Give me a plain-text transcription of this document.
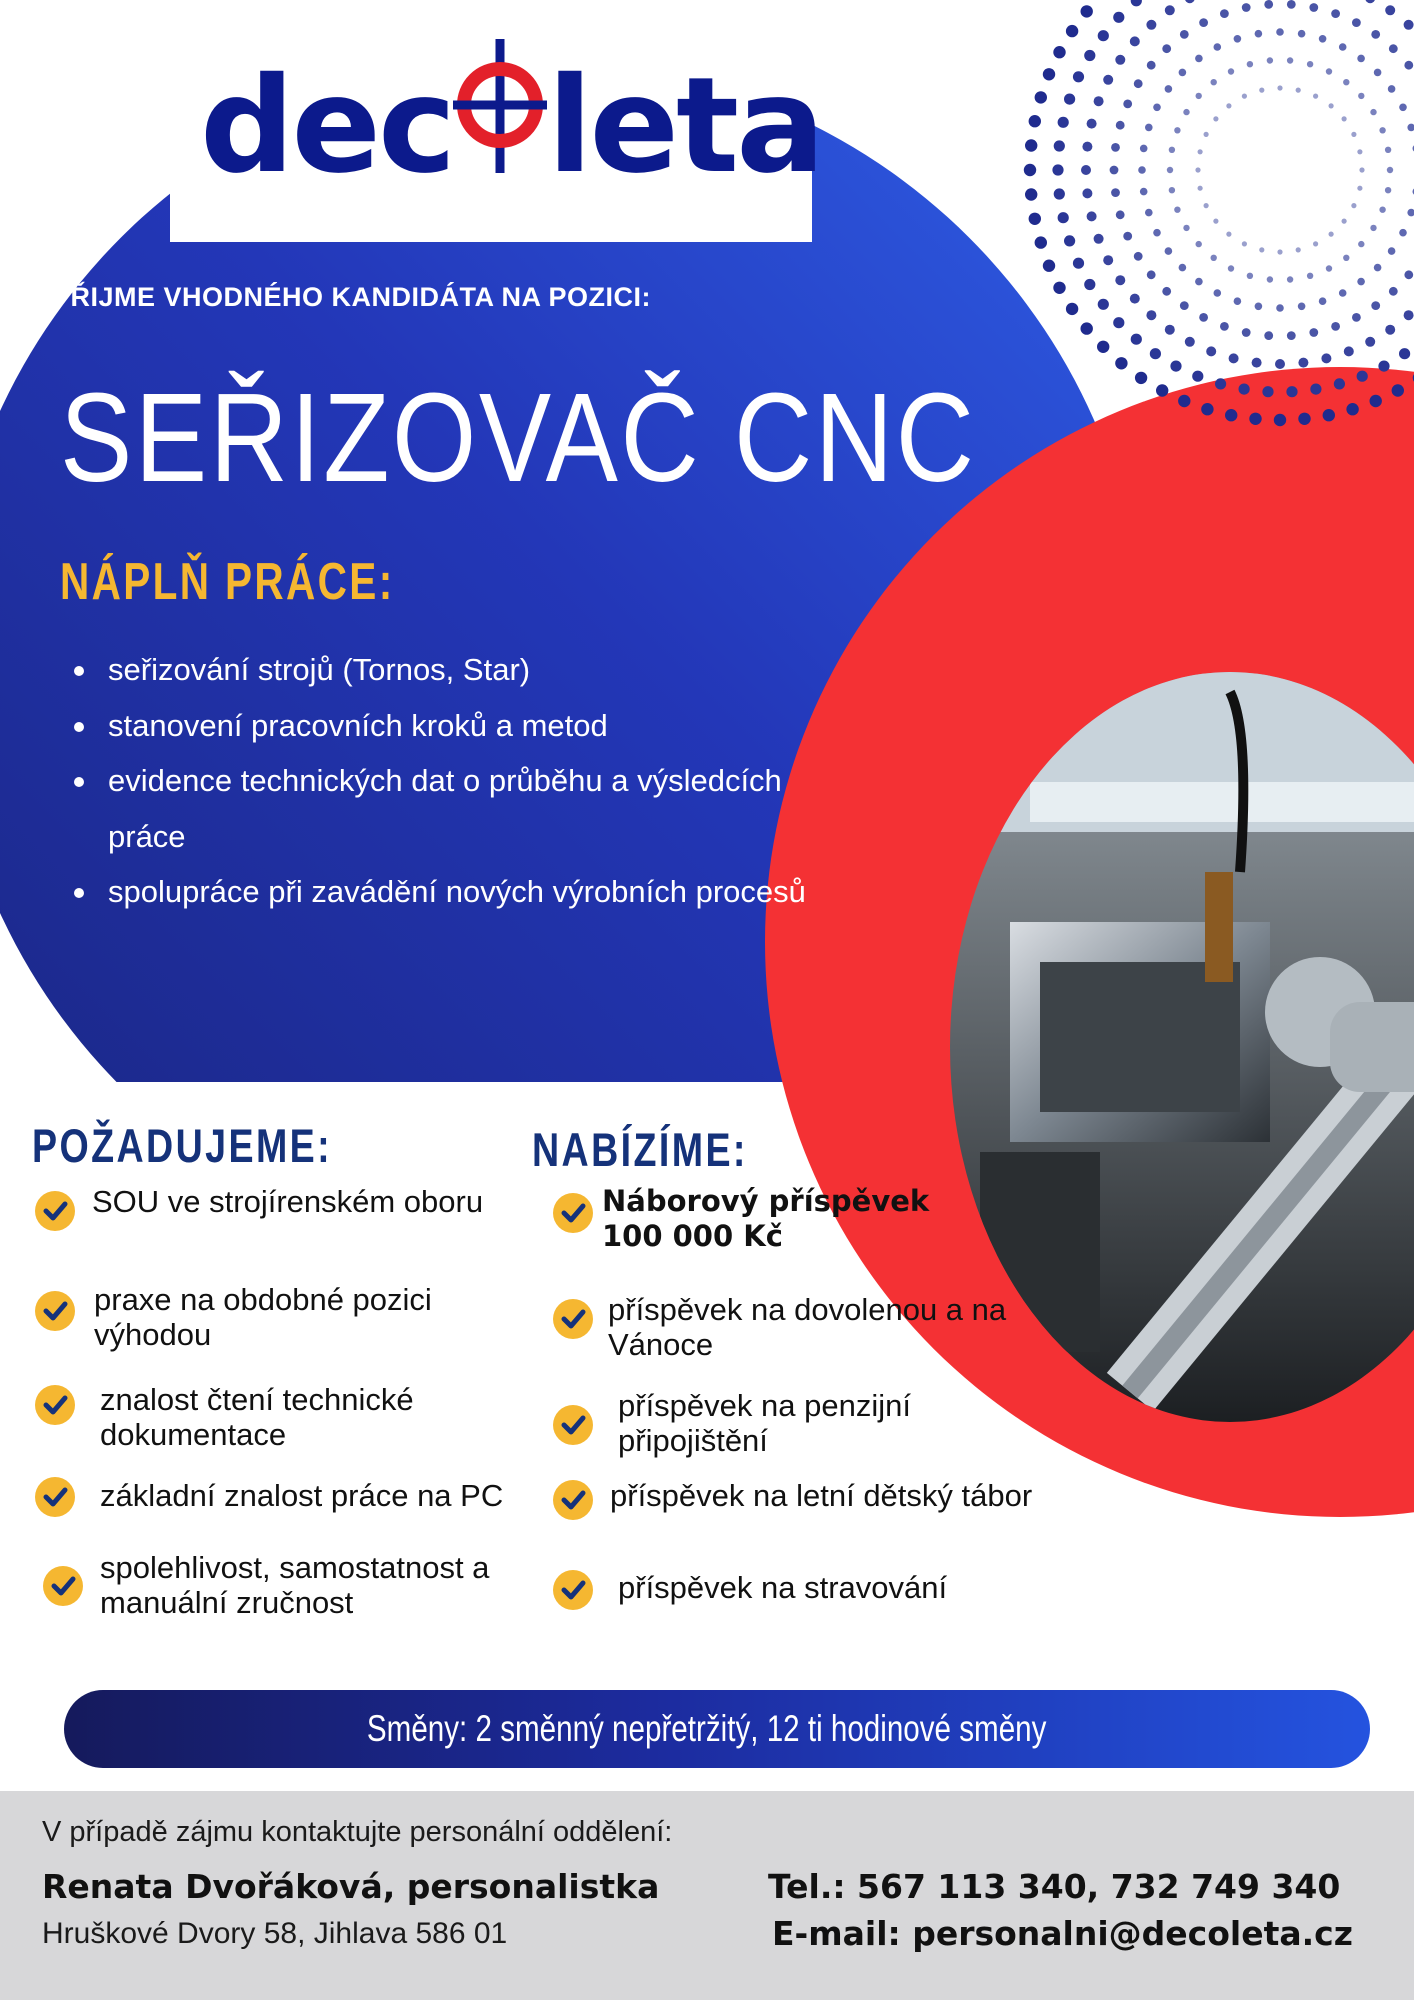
dec leta
PŘIJME VHODNÉHO KANDIDÁTA NA POZICI:
SEŘIZOVAČ CNC
NÁPLŇ PRÁCE:
seřizování strojů (Tornos, Star)
stanovení pracovních kroků a metod
evidence technických dat o průběhu a výsledcích práce
spolupráce při zavádění nových výrobních procesů
POŽADUJEME:
SOU ve strojírenském oboru
praxe na obdobné pozici výhodou
znalost čtení technické dokumentace
základní znalost práce na PC
spolehlivost, samostatnost a manuální zručnost
NABÍZÍME:
Náborový příspěvek 100 000 Kč
příspěvek na dovolenou a na Vánoce
příspěvek na penzijní připojištění
příspěvek na letní dětský tábor
příspěvek na stravování
Směny: 2 směnný nepřetržitý, 12 ti hodinové směny
V případě zájmu kontaktujte personální oddělení:
Renata Dvořáková, personalistka
Hruškové Dvory 58, Jihlava 586 01
Tel.: 567 113 340, 732 749 340
E-mail: personalni@decoleta.cz
